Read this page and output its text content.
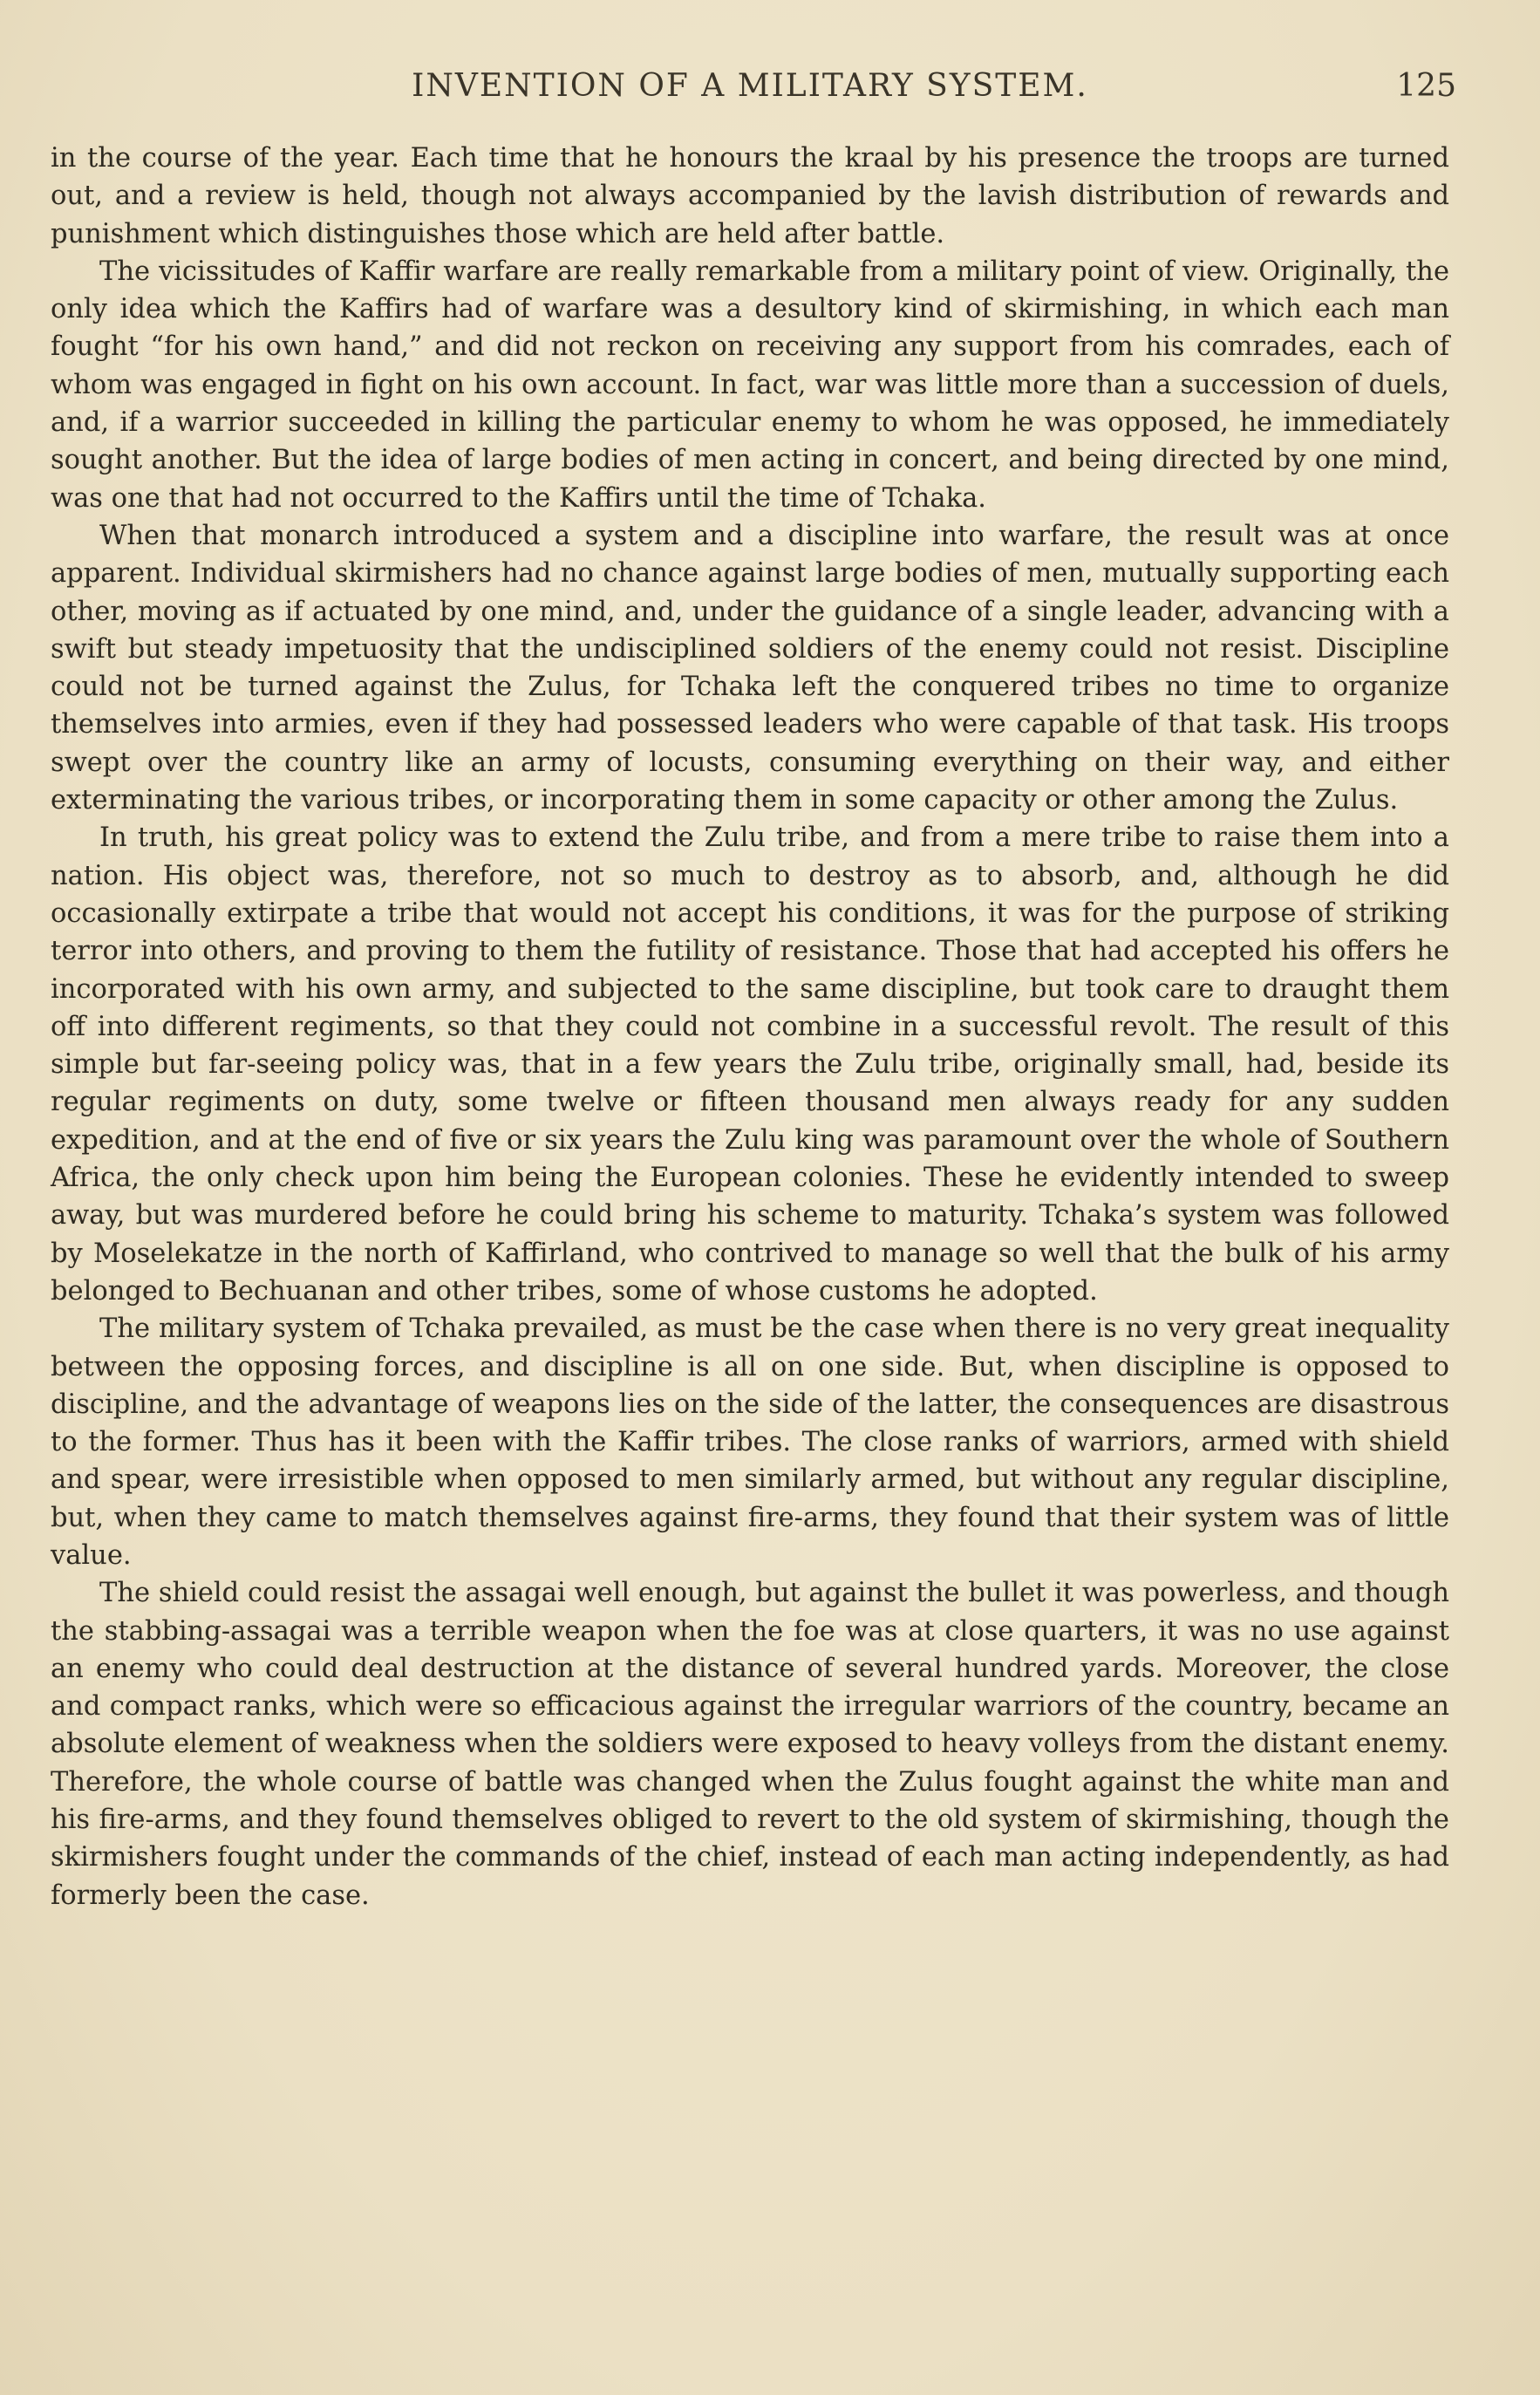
INVENTION OF A MILITARY SYSTEM.	125

in the course of the year. Each time that he honours the kraal by his presence the troops are turned out, and a review is held, though not always accompanied by the lavish distribution of rewards and punishment which distinguishes those which are held after battle.

The vicissitudes of Kaffir warfare are really remarkable from a military point of view. Originally, the only idea which the Kaffirs had of warfare was a desultory kind of skirmishing, in which each man fought “for his own hand,” and did not reckon on receiving any support from his comrades, each of whom was engaged in fight on his own account. In fact, war was little more than a succession of duels, and, if a warrior succeeded in killing the particular enemy to whom he was opposed, he immediately sought another. But the idea of large bodies of men acting in concert, and being directed by one mind, was one that had not occurred to the Kaffirs until the time of Tchaka.

When that monarch introduced a system and a discipline into warfare, the result was at once apparent. Individual skirmishers had no chance against large bodies of men, mutually supporting each other, moving as if actuated by one mind, and, under the guidance of a single leader, advancing with a swift but steady impetuosity that the undisciplined soldiers of the enemy could not resist. Discipline could not be turned against the Zulus, for Tchaka left the conquered tribes no time to organize themselves into armies, even if they had possessed leaders who were capable of that task. His troops swept over the country like an army of locusts, consuming everything on their way, and either exterminating the various tribes, or incorporating them in some capacity or other among the Zulus.

In truth, his great policy was to extend the Zulu tribe, and from a mere tribe to raise them into a nation. His object was, therefore, not so much to destroy as to absorb, and, although he did occasionally extirpate a tribe that would not accept his conditions, it was for the purpose of striking terror into others, and proving to them the futility of resistance. Those that had accepted his offers he incorporated with his own army, and subjected to the same discipline, but took care to draught them off into different regiments, so that they could not combine in a successful revolt. The result of this simple but far-seeing policy was, that in a few years the Zulu tribe, originally small, had, beside its regular regiments on duty, some twelve or fifteen thousand men always ready for any sudden expedition, and at the end of five or six years the Zulu king was paramount over the whole of Southern Africa, the only check upon him being the European colonies. These he evidently intended to sweep away, but was murdered before he could bring his scheme to maturity. Tchaka’s system was followed by Moselekatze in the north of Kaffirland, who contrived to manage so well that the bulk of his army belonged to Bechuanan and other tribes, some of whose customs he adopted.

The military system of Tchaka prevailed, as must be the case when there is no very great inequality between the opposing forces, and discipline is all on one side. But, when discipline is opposed to discipline, and the advantage of weapons lies on the side of the latter, the consequences are disastrous to the former. Thus has it been with the Kaffir tribes. The close ranks of warriors, armed with shield and spear, were irresistible when opposed to men similarly armed, but without any regular discipline, but, when they came to match themselves against fire-arms, they found that their system was of little value.

The shield could resist the assagai well enough, but against the bullet it was powerless, and though the stabbing-assagai was a terrible weapon when the foe was at close quarters, it was no use against an enemy who could deal destruction at the distance of several hundred yards. Moreover, the close and compact ranks, which were so efficacious against the irregular warriors of the country, became an absolute element of weakness when the soldiers were exposed to heavy volleys from the distant enemy. Therefore, the whole course of battle was changed when the Zulus fought against the white man and his fire-arms, and they found themselves obliged to revert to the old system of skirmishing, though the skirmishers fought under the commands of the chief, instead of each man acting independently, as had formerly been the case.
